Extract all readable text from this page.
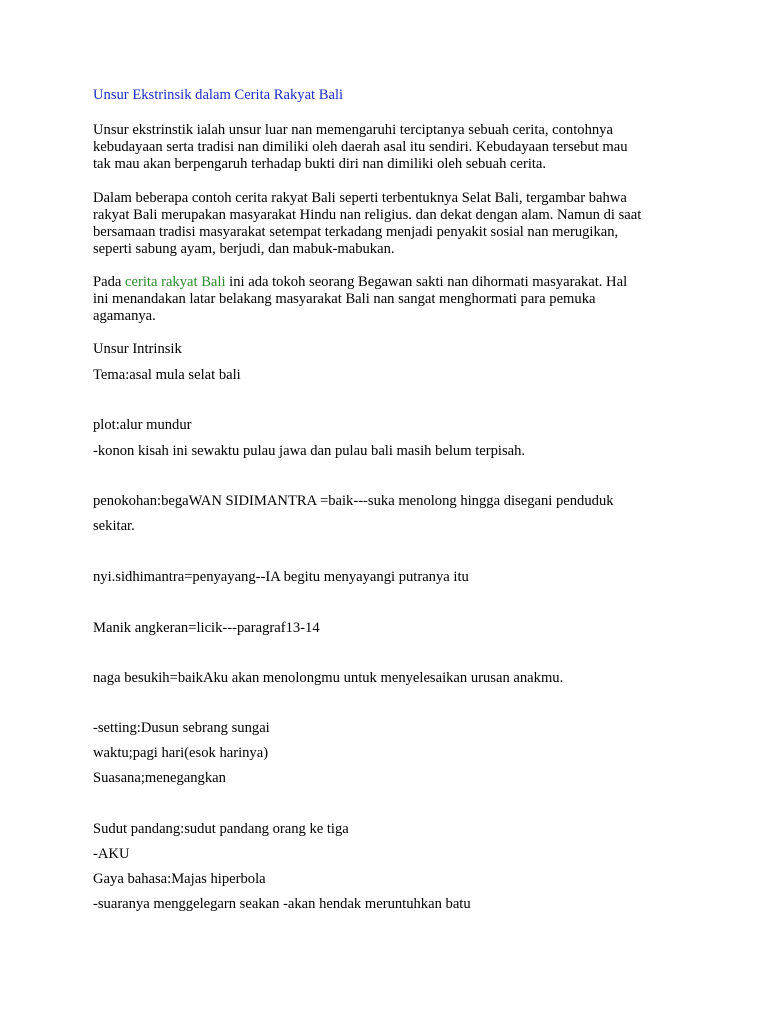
Unsur Ekstrinsik dalam Cerita Rakyat Bali
Unsur ekstrinstik ialah unsur luar nan memengaruhi terciptanya sebuah cerita, contohnya
kebudayaan serta tradisi nan dimiliki oleh daerah asal itu sendiri. Kebudayaan tersebut mau
tak mau akan berpengaruh terhadap bukti diri nan dimiliki oleh sebuah cerita.
Dalam beberapa contoh cerita rakyat Bali seperti terbentuknya Selat Bali, tergambar bahwa
rakyat Bali merupakan masyarakat Hindu nan religius. dan dekat dengan alam. Namun di saat
bersamaan tradisi masyarakat setempat terkadang menjadi penyakit sosial nan merugikan,
seperti sabung ayam, berjudi, dan mabuk-mabukan.
Pada cerita rakyat Bali ini ada tokoh seorang Begawan sakti nan dihormati masyarakat. Hal
ini menandakan latar belakang masyarakat Bali nan sangat menghormati para pemuka
agamanya.
Unsur Intrinsik
Tema:asal mula selat bali
plot:alur mundur
-konon kisah ini sewaktu pulau jawa dan pulau bali masih belum terpisah.
penokohan:begaWAN SIDIMANTRA =baik---suka menolong hingga disegani penduduk
sekitar.
nyi.sidhimantra=penyayang--IA begitu menyayangi putranya itu
Manik angkeran=licik---paragraf13-14
naga besukih=baikAku akan menolongmu untuk menyelesaikan urusan anakmu.
-setting:Dusun sebrang sungai
waktu;pagi hari(esok harinya)
Suasana;menegangkan
Sudut pandang:sudut pandang orang ke tiga
-AKU
Gaya bahasa:Majas hiperbola
-suaranya menggelegarn seakan -akan hendak meruntuhkan batu
